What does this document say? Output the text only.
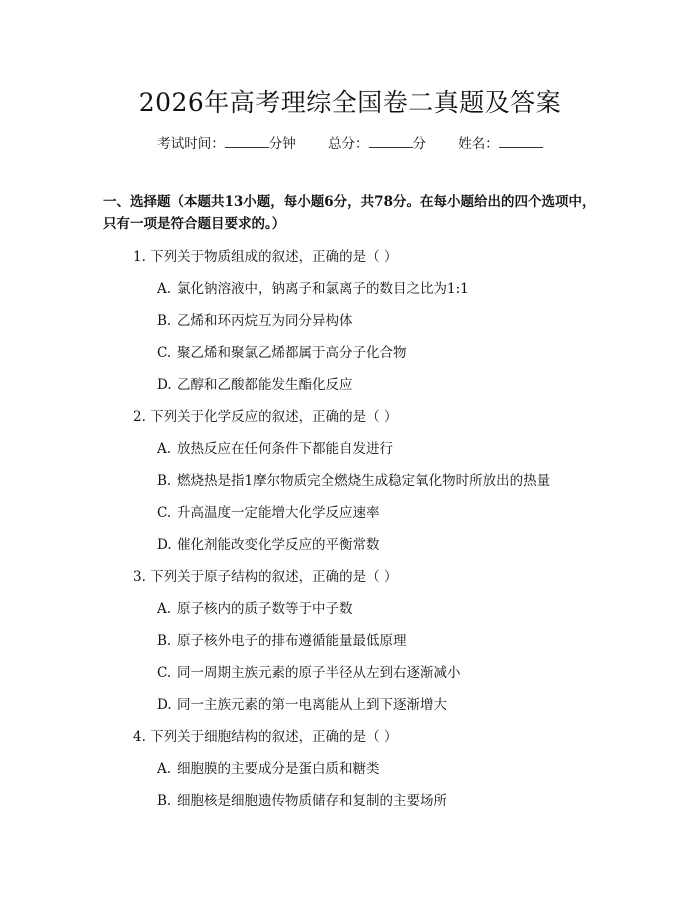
2026年高考理综全国卷二真题及答案
考试时间：	分钟 总分：	分 姓名：
一、选择题（本题共13小题，每小题6分，共78分。在每小题给出的四个选项中，只有一项是符合题目要求的。）
1. 下列关于物质组成的叙述，正确的是（ ）
A. 氯化钠溶液中，钠离子和氯离子的数目之比为1:1
B. 乙烯和环丙烷互为同分异构体
C. 聚乙烯和聚氯乙烯都属于高分子化合物
D. 乙醇和乙酸都能发生酯化反应
2. 下列关于化学反应的叙述，正确的是（ ）
A. 放热反应在任何条件下都能自发进行
B. 燃烧热是指1摩尔物质完全燃烧生成稳定氧化物时所放出的热量
C. 升高温度一定能增大化学反应速率
D. 催化剂能改变化学反应的平衡常数
3. 下列关于原子结构的叙述，正确的是（ ）
A. 原子核内的质子数等于中子数
B. 原子核外电子的排布遵循能量最低原理
C. 同一周期主族元素的原子半径从左到右逐渐减小
D. 同一主族元素的第一电离能从上到下逐渐增大
4. 下列关于细胞结构的叙述，正确的是（ ）
A. 细胞膜的主要成分是蛋白质和糖类
B. 细胞核是细胞遗传物质储存和复制的主要场所
